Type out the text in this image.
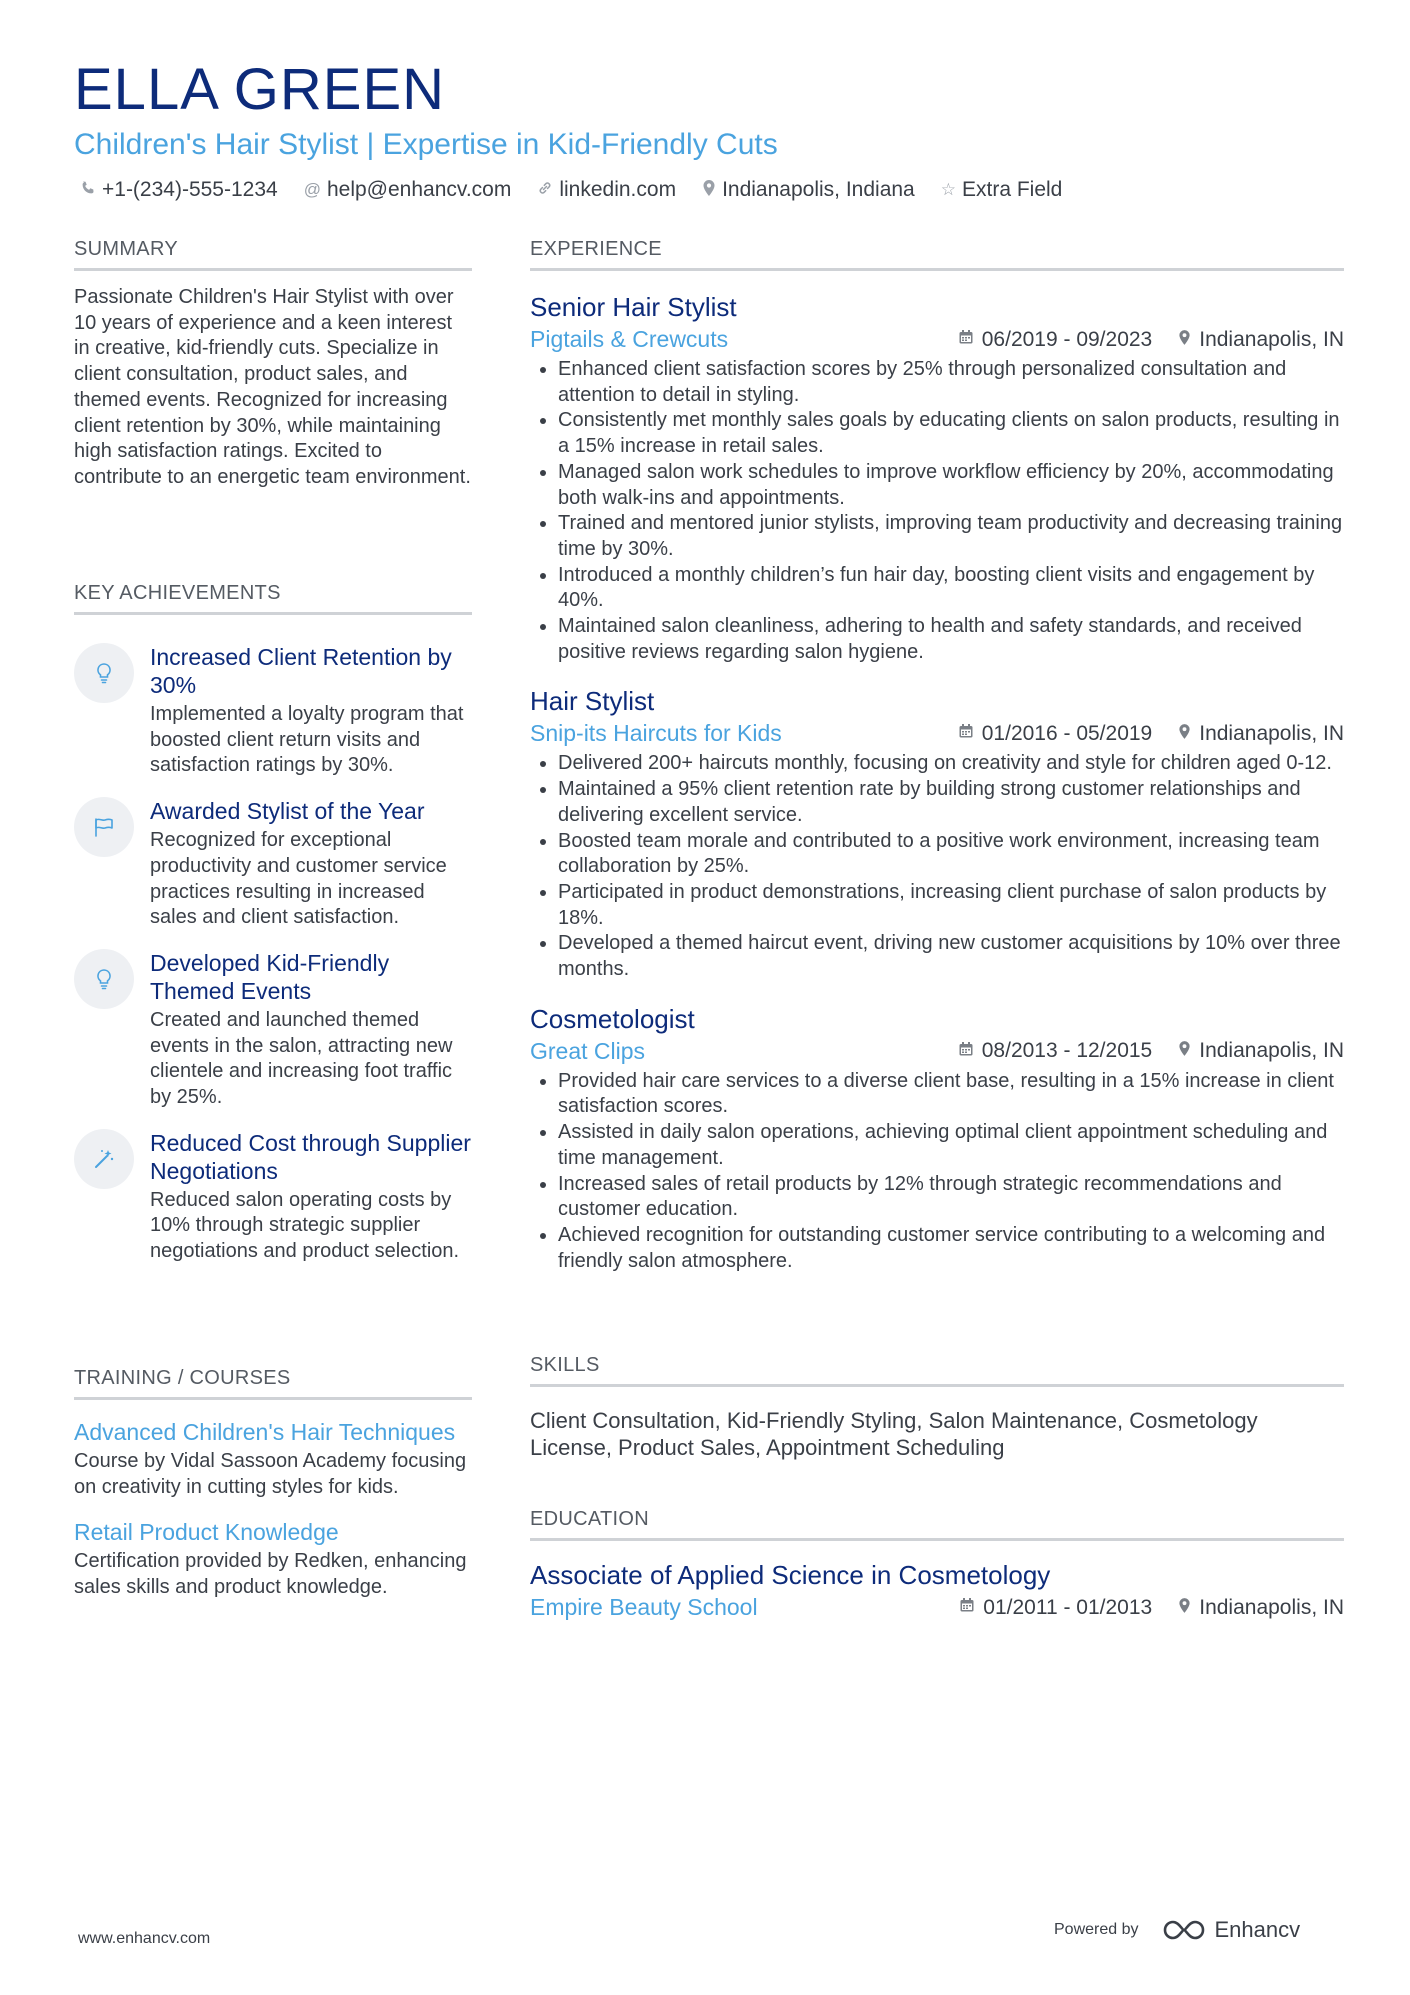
ELLA GREEN
Children's Hair Stylist | Expertise in Kid-Friendly Cuts
+1-(234)-555-1234 @ help@enhancv.com linkedin.com Indianapolis, Indiana ☆ Extra Field
SUMMARY
Passionate Children's Hair Stylist with over 10 years of experience and a keen interest in creative, kid-friendly cuts. Specialize in client consultation, product sales, and themed events. Recognized for increasing client retention by 30%, while maintaining high satisfaction ratings. Excited to contribute to an energetic team environment.
KEY ACHIEVEMENTS
Increased Client Retention by 30%
Implemented a loyalty program that boosted client return visits and satisfaction ratings by 30%.
Awarded Stylist of the Year
Recognized for exceptional productivity and customer service practices resulting in increased sales and client satisfaction.
Developed Kid-Friendly Themed Events
Created and launched themed events in the salon, attracting new clientele and increasing foot traffic by 25%.
Reduced Cost through Supplier Negotiations
Reduced salon operating costs by 10% through strategic supplier negotiations and product selection.
TRAINING / COURSES
Advanced Children's Hair Techniques
Course by Vidal Sassoon Academy focusing on creativity in cutting styles for kids.
Retail Product Knowledge
Certification provided by Redken, enhancing sales skills and product knowledge.
EXPERIENCE
Senior Hair Stylist
Pigtails & Crewcuts	06/2019 - 09/2023 Indianapolis, IN
• Enhanced client satisfaction scores by 25% through personalized consultation and attention to detail in styling.
• Consistently met monthly sales goals by educating clients on salon products, resulting in a 15% increase in retail sales.
• Managed salon work schedules to improve workflow efficiency by 20%, accommodating both walk-ins and appointments.
• Trained and mentored junior stylists, improving team productivity and decreasing training time by 30%.
• Introduced a monthly children’s fun hair day, boosting client visits and engagement by 40%.
• Maintained salon cleanliness, adhering to health and safety standards, and received positive reviews regarding salon hygiene.
Hair Stylist
Snip-its Haircuts for Kids	01/2016 - 05/2019 Indianapolis, IN
• Delivered 200+ haircuts monthly, focusing on creativity and style for children aged 0-12.
• Maintained a 95% client retention rate by building strong customer relationships and delivering excellent service.
• Boosted team morale and contributed to a positive work environment, increasing team collaboration by 25%.
• Participated in product demonstrations, increasing client purchase of salon products by 18%.
• Developed a themed haircut event, driving new customer acquisitions by 10% over three months.
Cosmetologist
Great Clips	08/2013 - 12/2015 Indianapolis, IN
• Provided hair care services to a diverse client base, resulting in a 15% increase in client satisfaction scores.
• Assisted in daily salon operations, achieving optimal client appointment scheduling and time management.
• Increased sales of retail products by 12% through strategic recommendations and customer education.
• Achieved recognition for outstanding customer service contributing to a welcoming and friendly salon atmosphere.
SKILLS
Client Consultation, Kid-Friendly Styling, Salon Maintenance, Cosmetology License, Product Sales, Appointment Scheduling
EDUCATION
Associate of Applied Science in Cosmetology
Empire Beauty School	01/2011 - 01/2013 Indianapolis, IN
www.enhancv.com
Powered by	Enhancv
